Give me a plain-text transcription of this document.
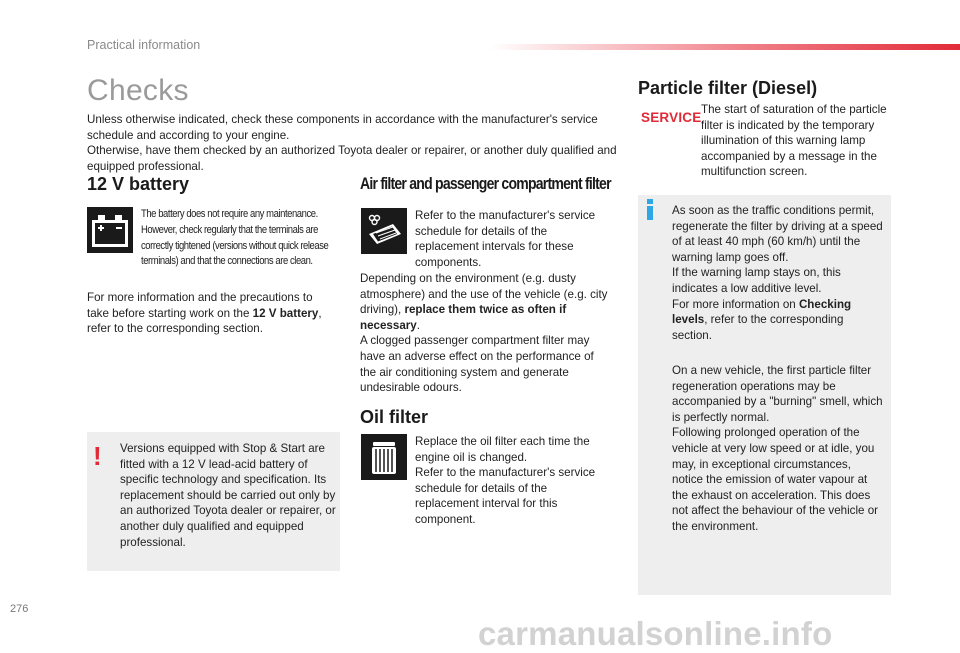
Practical information
Checks

Unless otherwise indicated, check these components in accordance with the manufacturer's service schedule and according to your engine.

Otherwise, have them checked by an authorized Toyota dealer or repairer, or another duly qualified and equipped professional.

12 V battery
The battery does not require any maintenance. However, check regularly that the terminals are correctly tightened (versions without quick release terminals) and that the connections are clean.
For more information and the precautions to take before starting work on the 12 V battery, refer to the corresponding section.
! Versions equipped with Stop & Start are fitted with a 12 V lead-acid battery of specific technology and specification. Its replacement should be carried out only by an authorized Toyota dealer or repairer, or another duly qualified and equipped professional.
Air filter and passenger compartment filter
Refer to the manufacturer's service schedule for details of the replacement intervals for these components.

Depending on the environment (e.g. dusty atmosphere) and the use of the vehicle (e.g. city driving), replace them twice as often if necessary.

A clogged passenger compartment filter may have an adverse effect on the performance of the air conditioning system and generate undesirable odours.

Oil filter

Replace the oil filter each time the engine oil is changed.

Refer to the manufacturer's service schedule for details of the replacement interval for this component.

Particle filter (Diesel)
SERVICE
The start of saturation of the particle filter is indicated by the temporary illumination of this warning lamp accompanied by a message in the multifunction screen.

As soon as the traffic conditions permit, regenerate the filter by driving at a speed of at least 40 mph (60 km/h) until the warning lamp goes off.

If the warning lamp stays on, this indicates a low additive level.

For more information on Checking levels, refer to the corresponding section.

On a new vehicle, the first particle filter regeneration operations may be accompanied by a "burning" smell, which is perfectly normal.

Following prolonged operation of the vehicle at very low speed or at idle, you may, in exceptional circumstances, notice the emission of water vapour at the exhaust on acceleration. This does not affect the behaviour of the vehicle or the environment.

276
carmanualsonline.info
